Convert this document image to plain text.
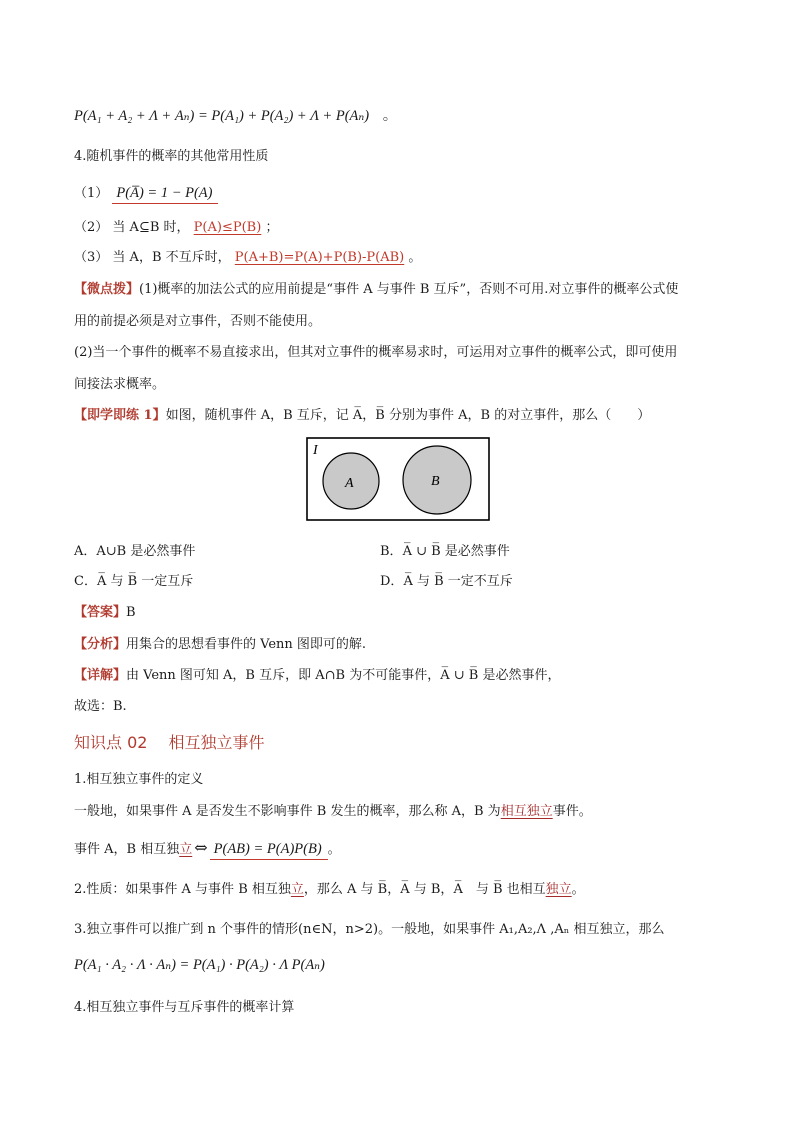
P(A₁ + A₂ + Λ + Aₙ) = P(A₁) + P(A₂) + Λ + P(Aₙ) 。
4.随机事件的概率的其他常用性质
（1） P(A̅) = 1 − P(A)
（2） 当 A⊆B 时， P(A)≤P(B) ；
（3） 当 A，B 不互斥时， P(A+B)=P(A)+P(B)-P(AB) 。
【微点拨】(1)概率的加法公式的应用前提是“事件 A 与事件 B 互斥”，否则不可用.对立事件的概率公式使
用的前提必须是对立事件，否则不能使用。
(2)当一个事件的概率不易直接求出，但其对立事件的概率易求时，可运用对立事件的概率公式，即可使用
间接法求概率。
【即学即练 1】如图，随机事件 A，B 互斥，记 A̅，B̅ 分别为事件 A，B 的对立事件，那么（　　）
I
A	B
A．A∪B 是必然事件	B．A̅ ∪ B̅ 是必然事件
C．A̅ 与 B̅ 一定互斥	D．A̅ 与 B̅ 一定不互斥
【答案】B
【分析】用集合的思想看事件的 Venn 图即可的解.
【详解】由 Venn 图可知 A，B 互斥，即 A∩B 为不可能事件，A̅ ∪ B̅ 是必然事件，
故选：B.
知识点 02　 相互独立事件
1.相互独立事件的定义
一般地，如果事件 A 是否发生不影响事件 B 发生的概率，那么称 A，B 为相互独立事件。
事件 A，B 相互独立 ⇔ P(AB) = P(A)P(B) 。
2.性质：如果事件 A 与事件 B 相互独立，那么 A 与 B̅，A̅ 与 B，A̅　与 B̅ 也相互独立。
3.独立事件可以推广到 n 个事件的情形(n∈N，n>2)。一般地，如果事件 A₁,A₂,Λ ,Aₙ 相互独立，那么
P(A₁ · A₂ · Λ · Aₙ) = P(A₁) · P(A₂) · Λ P(Aₙ)
4.相互独立事件与互斥事件的概率计算
